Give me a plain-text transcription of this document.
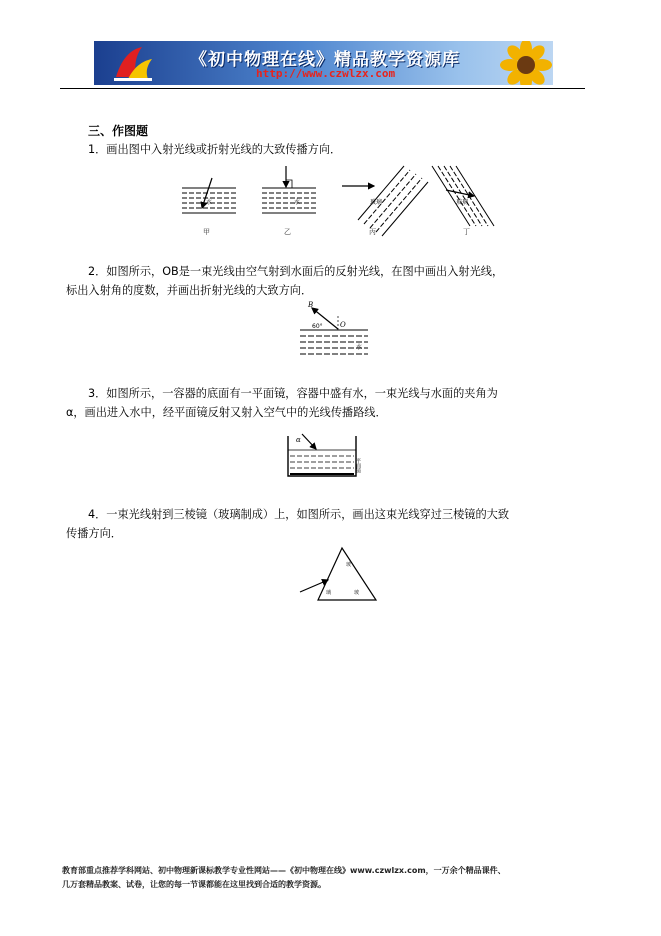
《初中物理在线》精品教学资源库
http://www.czwlzx.com
三、作图题
1．画出图中入射光线或折射光线的大致传播方向．
水	水	玻璃	玻璃
甲	乙	丙	丁
2．如图所示，OB是一束光线由空气射到水面后的反射光线，在图中画出入射光线，
标出入射角的度数，并画出折射光线的大致方向．
B
O
60°
水
3．如图所示，一容器的底面有一平面镜，容器中盛有水，一束光线与水面的夹角为
α，画出进入水中，经平面镜反射又射入空气中的光线传播路线．
α
平面镜
4．一束光线射到三棱镜（玻璃制成）上，如图所示，画出这束光线穿过三棱镜的大致
传播方向．
玻
璃	玻
教育部重点推荐学科网站、初中物理新课标教学专业性网站——《初中物理在线》www.czwlzx.com，一万余个精品课件、
几万套精品教案、试卷，让您的每一节课都能在这里找到合适的教学资源。
